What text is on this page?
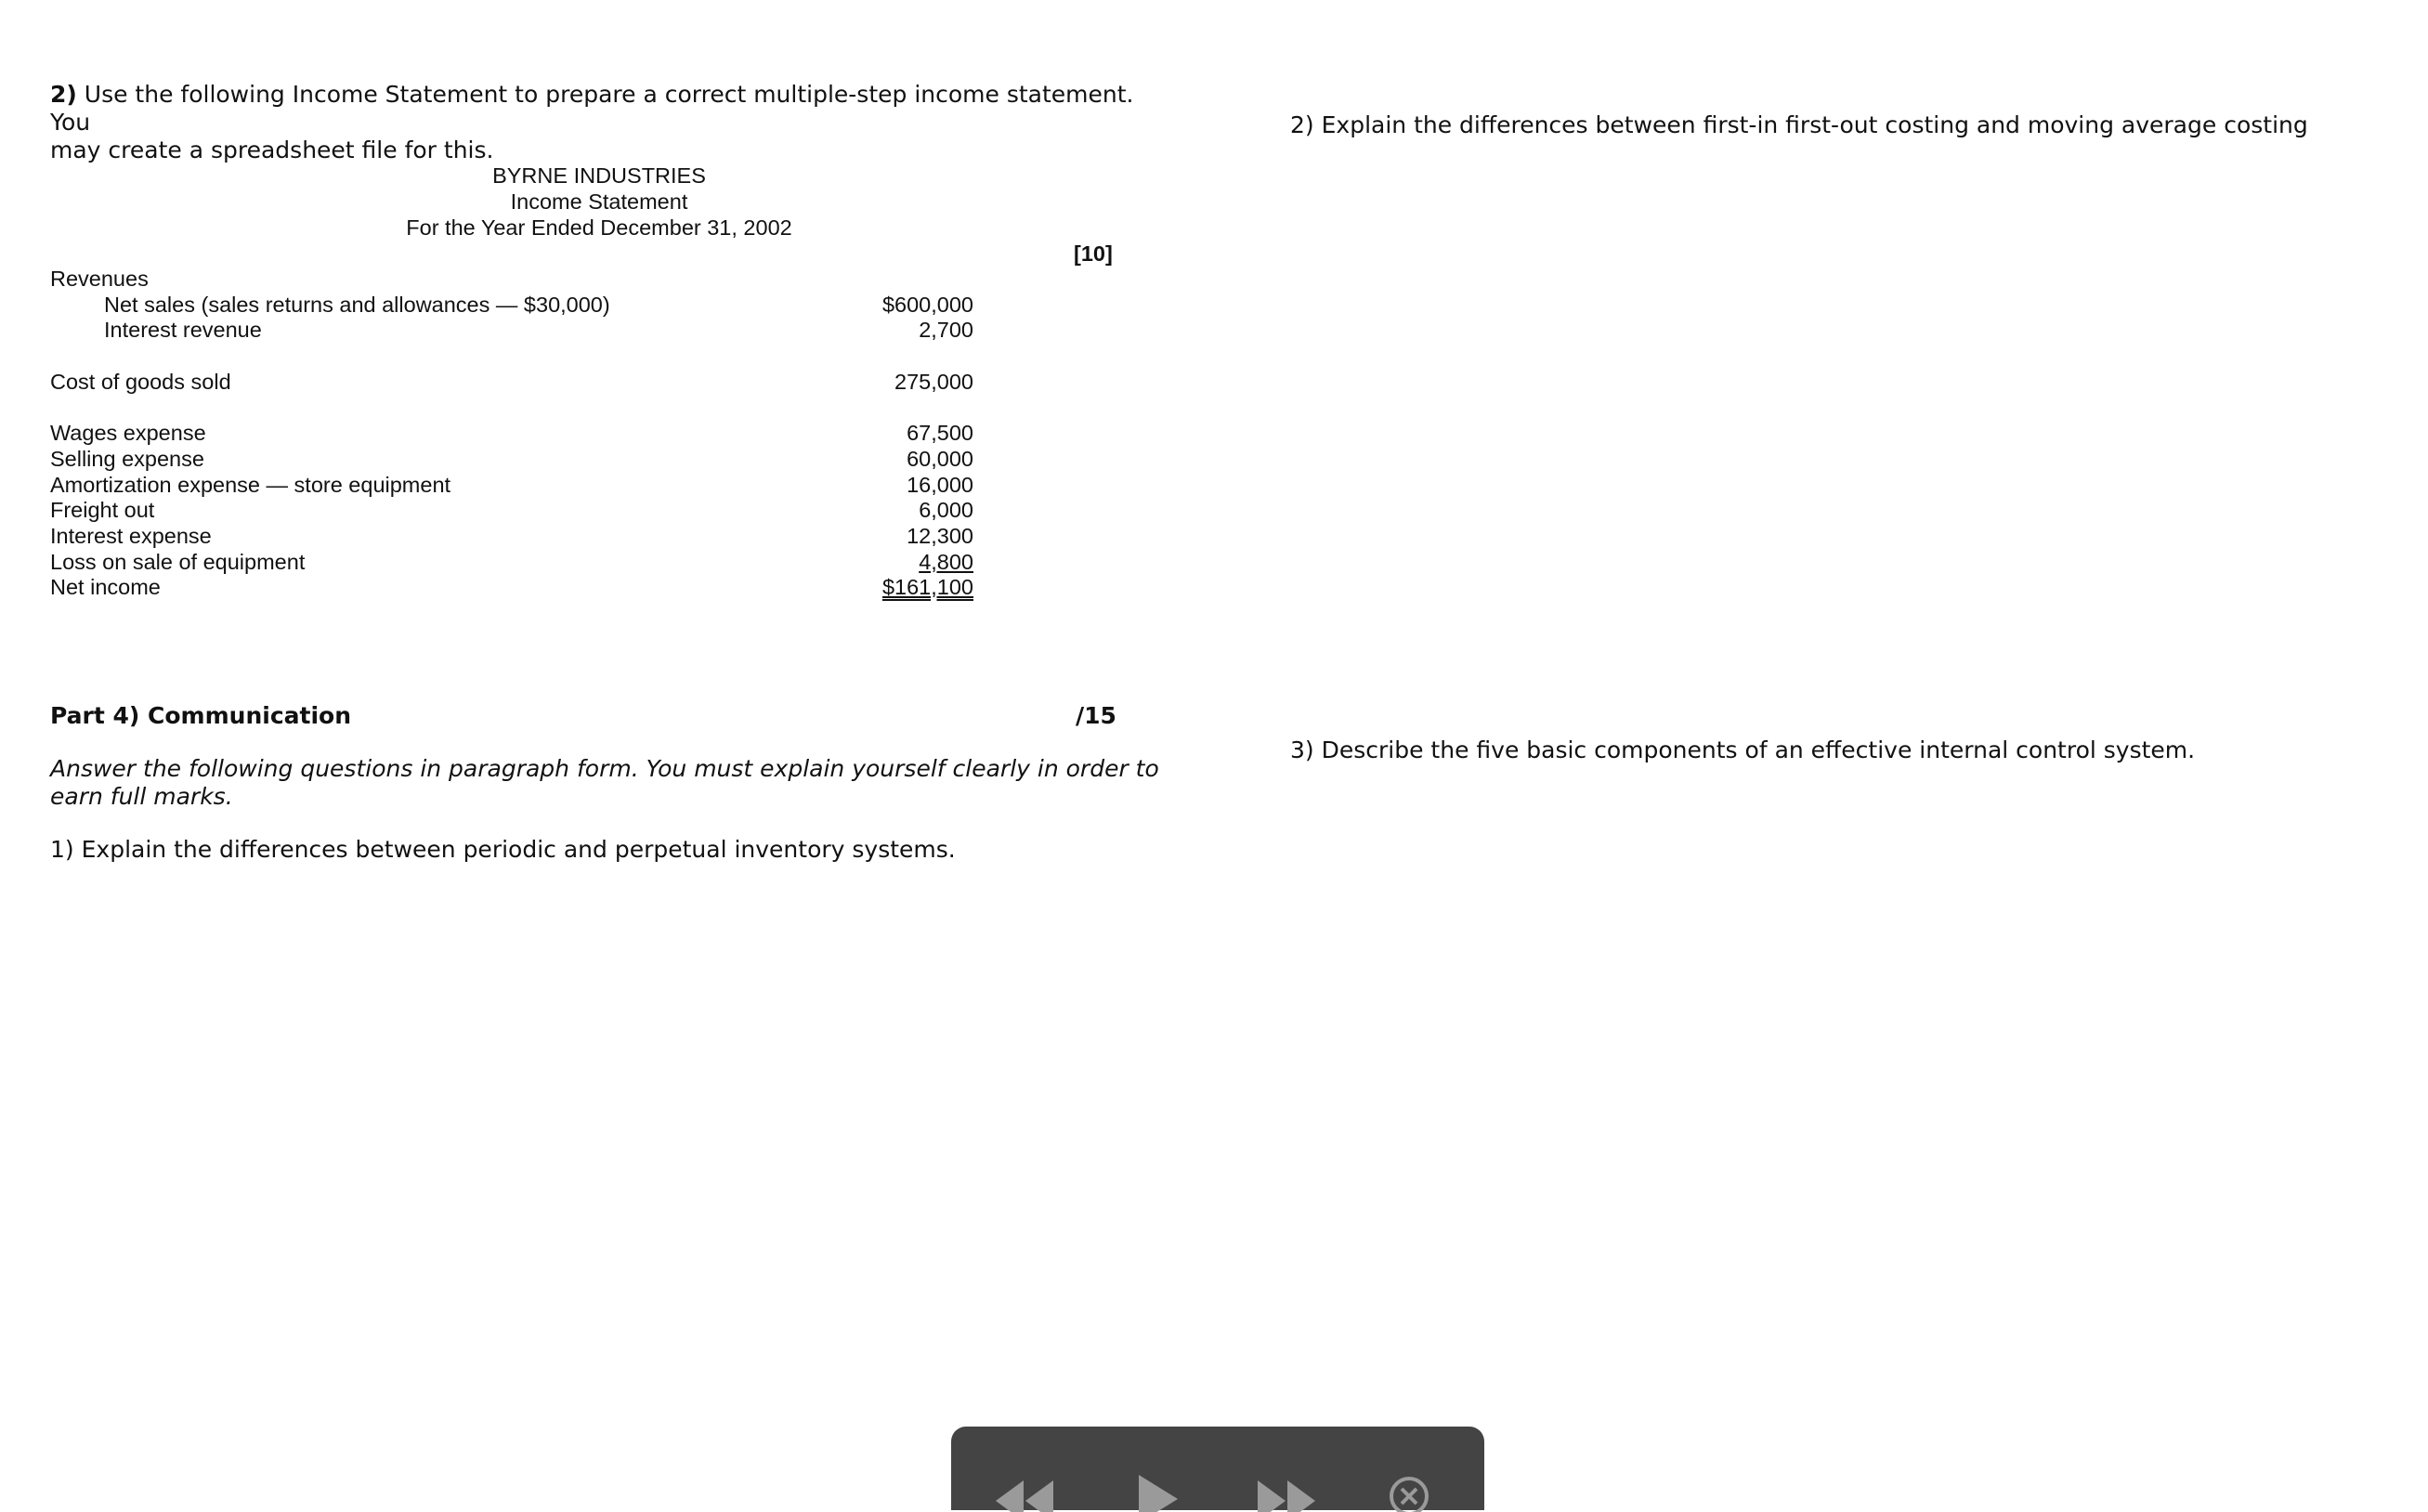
2) Use the following Income Statement to prepare a correct multiple-step income statement. You
may create a spreadsheet file for this.
BYRNE INDUSTRIES
Income Statement
For the Year Ended December 31, 2002
[10]
Revenues
Net sales (sales returns and allowances — $30,000)	$600,000
Interest revenue	2,700
Cost of goods sold	275,000
Wages expense	67,500
Selling expense	60,000
Amortization expense — store equipment	16,000
Freight out	6,000
Interest expense	12,300
Loss on sale of equipment	4,800
Net income	$161,100
Part 4) Communication	/15
Answer the following questions in paragraph form. You must explain yourself clearly in order to
earn full marks.
1) Explain the differences between periodic and perpetual inventory systems.
2) Explain the differences between first-in first-out costing and moving average costing
3) Describe the five basic components of an effective internal control system.
